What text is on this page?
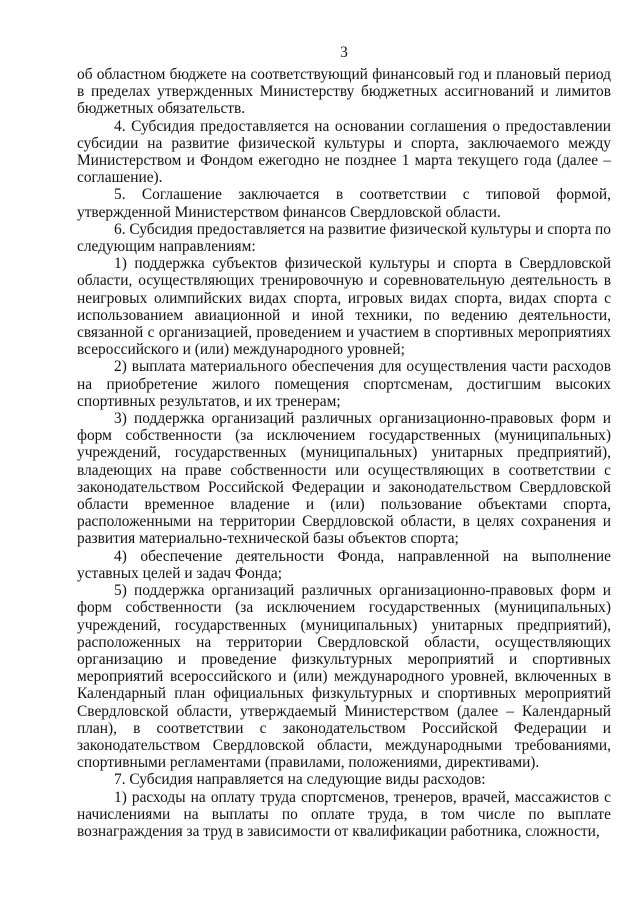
3

об областном бюджете на соответствующий финансовый год и плановый период в пределах утвержденных Министерству бюджетных ассигнований и лимитов бюджетных обязательств.

4. Субсидия предоставляется на основании соглашения о предоставлении субсидии на развитие физической культуры и спорта, заключаемого между Министерством и Фондом ежегодно не позднее 1 марта текущего года (далее – соглашение).

5. Соглашение заключается в соответствии с типовой формой, утвержденной Министерством финансов Свердловской области.

6. Субсидия предоставляется на развитие физической культуры и спорта по следующим направлениям:

1) поддержка субъектов физической культуры и спорта в Свердловской области, осуществляющих тренировочную и соревновательную деятельность в неигровых олимпийских видах спорта, игровых видах спорта, видах спорта с использованием авиационной и иной техники, по ведению деятельности, связанной с организацией, проведением и участием в спортивных мероприятиях всероссийского и (или) международного уровней;

2) выплата материального обеспечения для осуществления части расходов на приобретение жилого помещения спортсменам, достигшим высоких спортивных результатов, и их тренерам;

3) поддержка организаций различных организационно-правовых форм и форм собственности (за исключением государственных (муниципальных) учреждений, государственных (муниципальных) унитарных предприятий), владеющих на праве собственности или осуществляющих в соответствии с законодательством Российской Федерации и законодательством Свердловской области временное владение и (или) пользование объектами спорта, расположенными на территории Свердловской области, в целях сохранения и развития материально-технической базы объектов спорта;

4) обеспечение деятельности Фонда, направленной на выполнение уставных целей и задач Фонда;

5) поддержка организаций различных организационно-правовых форм и форм собственности (за исключением государственных (муниципальных) учреждений, государственных (муниципальных) унитарных предприятий), расположенных на территории Свердловской области, осуществляющих организацию и проведение физкультурных мероприятий и спортивных мероприятий всероссийского и (или) международного уровней, включенных в Календарный план официальных физкультурных и спортивных мероприятий Свердловской области, утверждаемый Министерством (далее – Календарный план), в соответствии с законодательством Российской Федерации и законодательством Свердловской области, международными требованиями, спортивными регламентами (правилами, положениями, директивами).

7. Субсидия направляется на следующие виды расходов:

1) расходы на оплату труда спортсменов, тренеров, врачей, массажистов с начислениями на выплаты по оплате труда, в том числе по выплате вознаграждения за труд в зависимости от квалификации работника, сложности,
